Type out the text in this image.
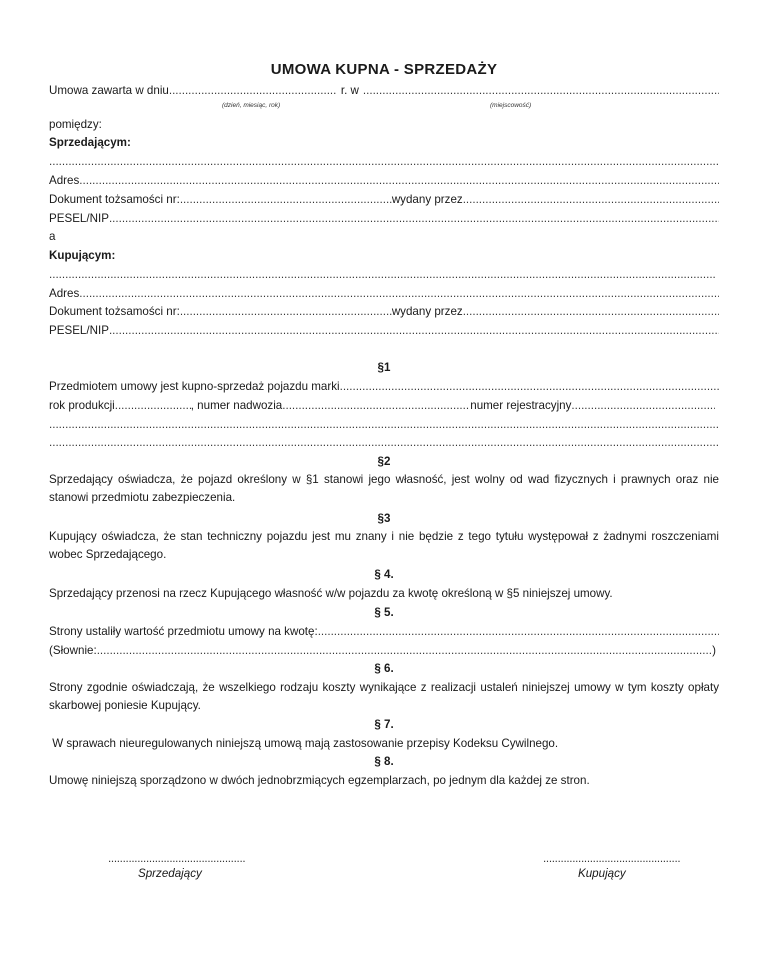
UMOWA KUPNA - SPRZEDAŻY
Umowa zawarta w dniu .....	r. w
.....
(dzień, miesiąc, rok)	(miejscowość)
pomiędzy:
Sprzedającym:
.....
Adres
.....
Dokument tożsamości nr: .....	wydany przez
.....
PESEL/NIP
.....
a
Kupującym:
.....
Adres
.....
Dokument tożsamości nr: .....	wydany przez
.....
PESEL/NIP
.....
§1
Przedmiotem umowy jest kupno-sprzedaż pojazdu marki
.....
rok produkcji .....	, numer nadwozia .....	numer rejestracyjny
.....
.....
.....
§2
Sprzedający oświadcza, że pojazd określony w §1 stanowi jego własność, jest wolny od wad fizycznych i prawnych oraz nie stanowi przedmiotu zabezpieczenia.
§3
Kupujący oświadcza, że stan techniczny pojazdu jest mu znany i nie będzie z tego tytułu występował z żadnymi roszczeniami wobec Sprzedającego.
§ 4.
Sprzedający przenosi na rzecz Kupującego własność w/w pojazdu za kwotę określoną w §5 niniejszej umowy.
§ 5.
Strony ustaliły wartość przedmiotu umowy na kwotę:
.....
(Słownie: .....	)
§ 6.
Strony zgodnie oświadczają, że wszelkiego rodzaju koszty wynikające z realizacji ustaleń niniejszej umowy w tym koszty opłaty skarbowej poniesie Kupujący.
§ 7.
W sprawach nieuregulowanych niniejszą umową mają zastosowanie przepisy Kodeksu Cywilnego.
§ 8.
Umowę niniejszą sporządzono w dwóch jednobrzmiących egzemplarzach, po jednym dla każdej ze stron.
...............................................
Sprzedający
...............................................
Kupujący
